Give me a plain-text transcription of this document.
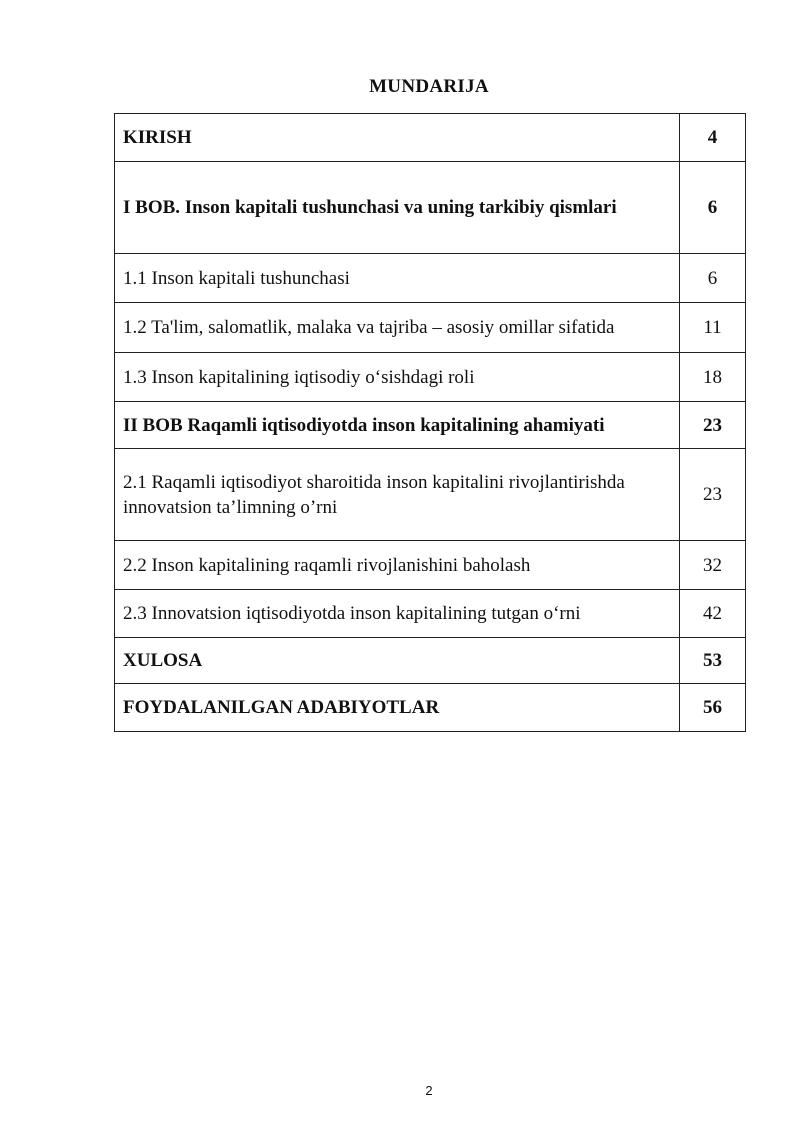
MUNDARIJA
KIRISH	4
I BOB. Inson kapitali tushunchasi va uning tarkibiy qismlari	6
1.1 Inson kapitali tushunchasi	6
1.2 Ta'lim, salomatlik, malaka va tajriba – asosiy omillar sifatida	11
1.3 Inson kapitalining iqtisodiy o‘sishdagi roli	18
II BOB Raqamli iqtisodiyotda inson kapitalining ahamiyati	23
2.1 Raqamli iqtisodiyot sharoitida inson kapitalini rivojlantirishda innovatsion ta’limning o’rni	23
2.2 Inson kapitalining raqamli rivojlanishini baholash	32
2.3 Innovatsion iqtisodiyotda inson kapitalining tutgan o‘rni	42
XULOSA	53
FOYDALANILGAN ADABIYOTLAR	56
2
